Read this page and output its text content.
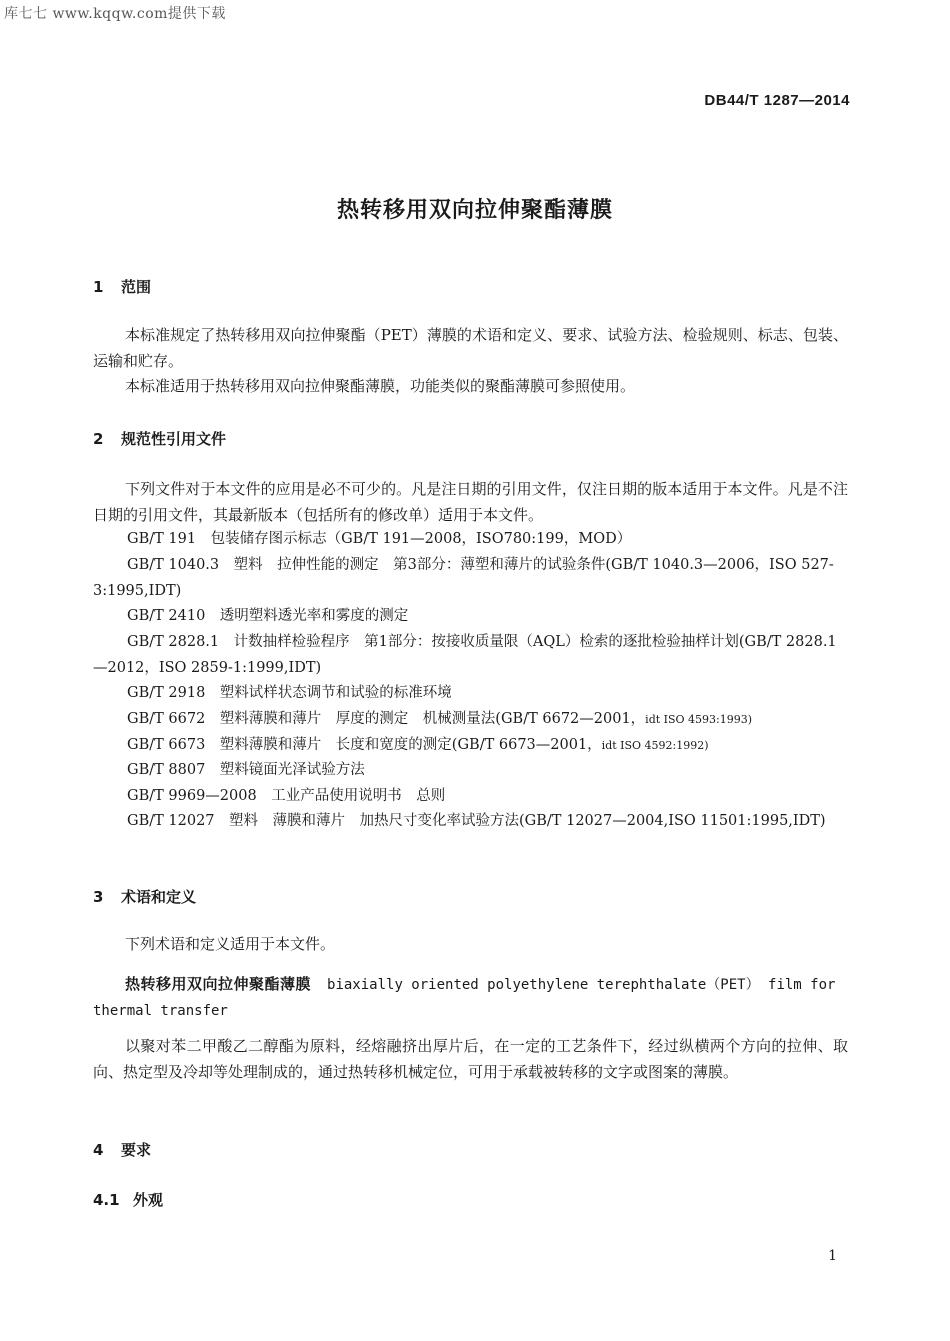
库七七 www.kqqw.com提供下载
DB44/T 1287—2014
热转移用双向拉伸聚酯薄膜
1 范围
本标准规定了热转移用双向拉伸聚酯（PET）薄膜的术语和定义、要求、试验方法、检验规则、标志、包装、运输和贮存。
本标准适用于热转移用双向拉伸聚酯薄膜，功能类似的聚酯薄膜可参照使用。
2 规范性引用文件
下列文件对于本文件的应用是必不可少的。凡是注日期的引用文件，仅注日期的版本适用于本文件。凡是不注日期的引用文件，其最新版本（包括所有的修改单）适用于本文件。
GB/T 191　包装储存图示标志（GB/T 191—2008，ISO780:199，MOD）
GB/T 1040.3　塑料　拉伸性能的测定　第3部分：薄塑和薄片的试验条件(GB/T 1040.3—2006，ISO 527-3:1995,IDT)
GB/T 2410　透明塑料透光率和雾度的测定
GB/T 2828.1　计数抽样检验程序　第1部分：按接收质量限（AQL）检索的逐批检验抽样计划(GB/T 2828.1—2012，ISO 2859-1:1999,IDT)
GB/T 2918　塑料试样状态调节和试验的标准环境
GB/T 6672　塑料薄膜和薄片　厚度的测定　机械测量法(GB/T 6672—2001，idt ISO 4593:1993)
GB/T 6673　塑料薄膜和薄片　长度和宽度的测定(GB/T 6673—2001，idt ISO 4592:1992)
GB/T 8807　塑料镜面光泽试验方法
GB/T 9969—2008　工业产品使用说明书　总则
GB/T 12027　塑料　薄膜和薄片　加热尺寸变化率试验方法(GB/T 12027—2004,ISO 11501:1995,IDT)
3 术语和定义
下列术语和定义适用于本文件。
热转移用双向拉伸聚酯薄膜 biaxially oriented polyethylene terephthalate（PET） film for
thermal transfer
以聚对苯二甲酸乙二醇酯为原料，经熔融挤出厚片后，在一定的工艺条件下，经过纵横两个方向的拉伸、取向、热定型及冷却等处理制成的，通过热转移机械定位，可用于承载被转移的文字或图案的薄膜。
4 要求
4.1 外观
1
